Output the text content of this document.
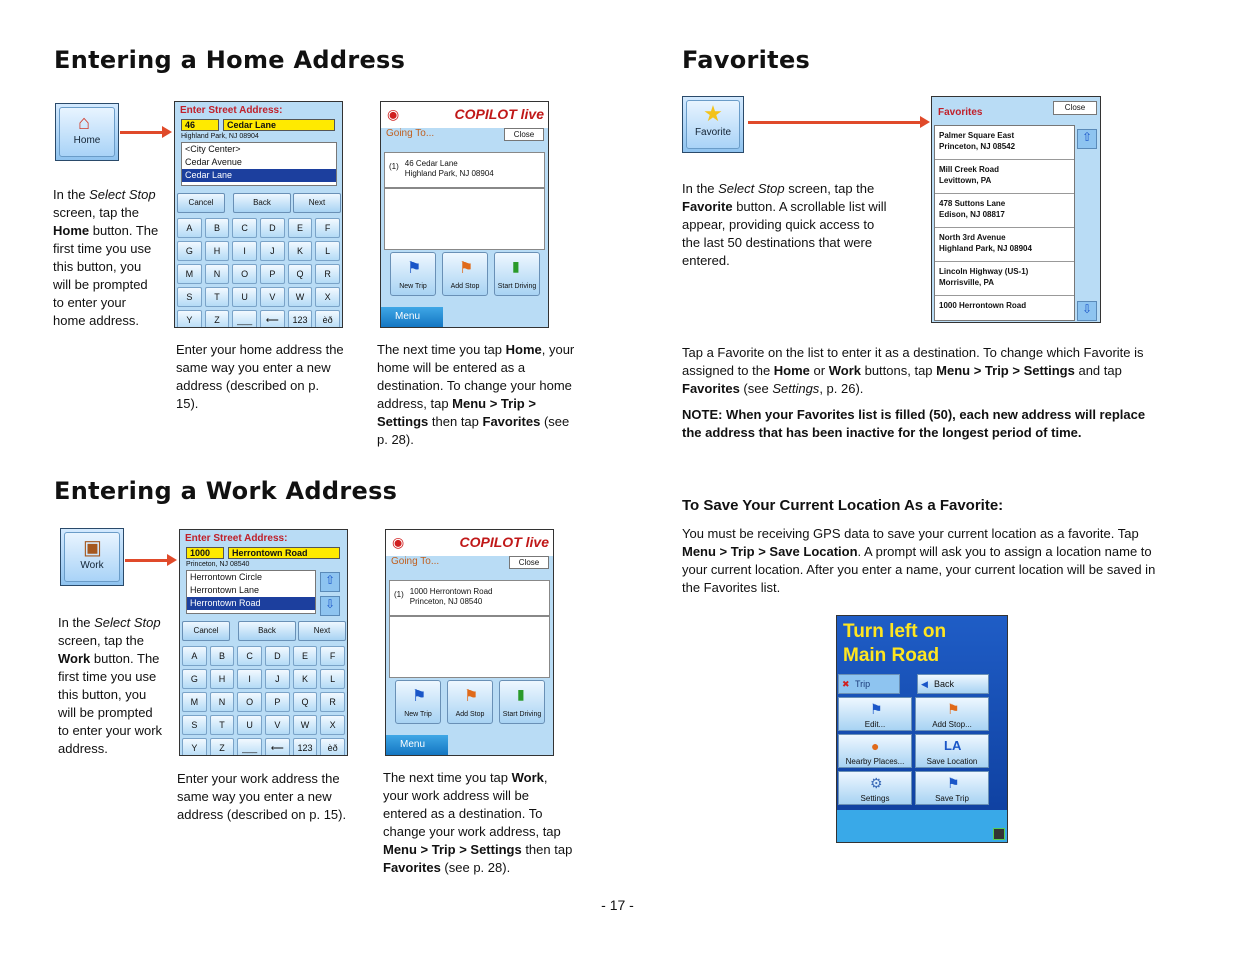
Entering a Home Address
⌂
Home
In the Select Stop screen, tap the Home button. The first time you use this button, you will be prompted to enter your home address.
Enter Street Address:
46	Cedar Lane
Highland Park, NJ 08904
<City Center>
Cedar Avenue
Cedar Lane
Cancel	Back	Next
A	B	C	D	E	F
G	H	I	J	K	L
M	N	O	P	Q	R
S	T	U	V	W	X
Y	Z	___	⟵	123	èð
Enter your home address the same way you enter a new address (described on p. 15).
◉	COPILOT live
Going To...	Close
(1) 46 Cedar Lane
Highland Park, NJ 08904
⚑
New Trip
⚑
Add Stop
▮
Start Driving
Menu
The next time you tap Home, your home will be entered as a destination. To change your home address, tap Menu > Trip > Settings then tap Favorites (see p. 28).
Entering a Work Address
▣
Work
In the Select Stop screen, tap the Work button. The first time you use this button, you will be prompted to enter your work address.
Enter Street Address:
1000	Herrontown Road
Princeton, NJ 08540
Herrontown Circle
Herrontown Lane
Herrontown Road
⇧
⇩
Cancel	Back	Next
A	B	C	D	E	F
G	H	I	J	K	L
M	N	O	P	Q	R
S	T	U	V	W	X
Y	Z	___	⟵	123	èð
Enter your work address the same way you enter a new address (described on p. 15).
◉	COPILOT live
Going To...	Close
(1) 1000 Herrontown Road
Princeton, NJ 08540
⚑
New Trip
⚑
Add Stop
▮
Start Driving
Menu
The next time you tap Work, your work address will be entered as a destination. To change your work address, tap Menu > Trip > Settings then tap Favorites (see p. 28).
Favorites
★
Favorite
In the Select Stop screen, tap the Favorite button. A scrollable list will appear, providing quick access to the last 50 destinations that were entered.
Favorites	Close
Palmer Square East
Princeton, NJ 08542
Mill Creek Road
Levittown, PA
478 Suttons Lane
Edison, NJ 08817
North 3rd Avenue
Highland Park, NJ 08904
Lincoln Highway (US-1)
Morrisville, PA
1000 Herrontown Road
⇧
⇩
Tap a Favorite on the list to enter it as a destination. To change which Favorite is assigned to the Home or Work buttons, tap Menu > Trip > Settings and tap Favorites (see Settings, p. 26).
NOTE: When your Favorites list is filled (50), each new address will replace the address that has been inactive for the longest period of time.
To Save Your Current Location As a Favorite:
You must be receiving GPS data to save your current location as a favorite. Tap Menu > Trip > Save Location. A prompt will ask you to assign a location name to your current location. After you enter a name, your current location will be saved in the Favorites list.
Turn left on
Main Road
✖ Trip	◀ Back
⚑
Edit...
⚑
Add Stop...
●
Nearby Places...
LA
Save Location
⚙
Settings
⚑
Save Trip
- 17 -
